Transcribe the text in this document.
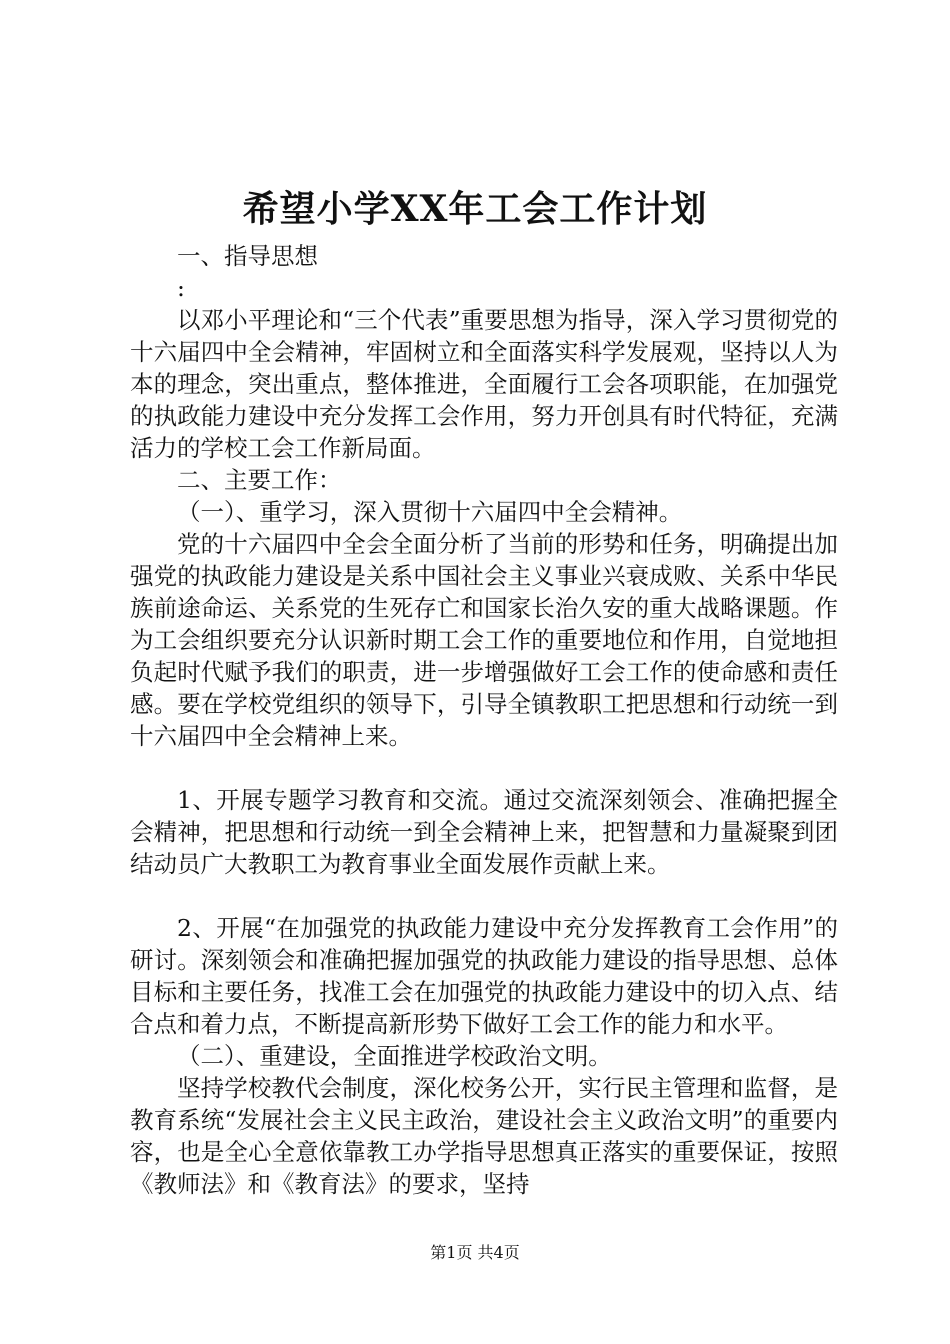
希望小学XX年工会工作计划

一、指导思想

:

以邓小平理论和“三个代表”重要思想为指导，深入学习贯彻党的十六届四中全会精神，牢固树立和全面落实科学发展观，坚持以人为本的理念，突出重点，整体推进，全面履行工会各项职能，在加强党的执政能力建设中充分发挥工会作用，努力开创具有时代特征，充满活力的学校工会工作新局面。

二、主要工作：

（一）、重学习，深入贯彻十六届四中全会精神。

党的十六届四中全会全面分析了当前的形势和任务，明确提出加强党的执政能力建设是关系中国社会主义事业兴衰成败、关系中华民族前途命运、关系党的生死存亡和国家长治久安的重大战略课题。作为工会组织要充分认识新时期工会工作的重要地位和作用，自觉地担负起时代赋予我们的职责，进一步增强做好工会工作的使命感和责任感。要在学校党组织的领导下，引导全镇教职工把思想和行动统一到十六届四中全会精神上来。

1、开展专题学习教育和交流。通过交流深刻领会、准确把握全会精神，把思想和行动统一到全会精神上来，把智慧和力量凝聚到团结动员广大教职工为教育事业全面发展作贡献上来。

2、开展“在加强党的执政能力建设中充分发挥教育工会作用”的研讨。深刻领会和准确把握加强党的执政能力建设的指导思想、总体目标和主要任务，找准工会在加强党的执政能力建设中的切入点、结合点和着力点，不断提高新形势下做好工会工作的能力和水平。

（二）、重建设，全面推进学校政治文明。

坚持学校教代会制度，深化校务公开，实行民主管理和监督，是教育系统“发展社会主义民主政治，建设社会主义政治文明”的重要内容，也是全心全意依靠教工办学指导思想真正落实的重要保证，按照《教师法》和《教育法》的要求，坚持

第1页 共4页
